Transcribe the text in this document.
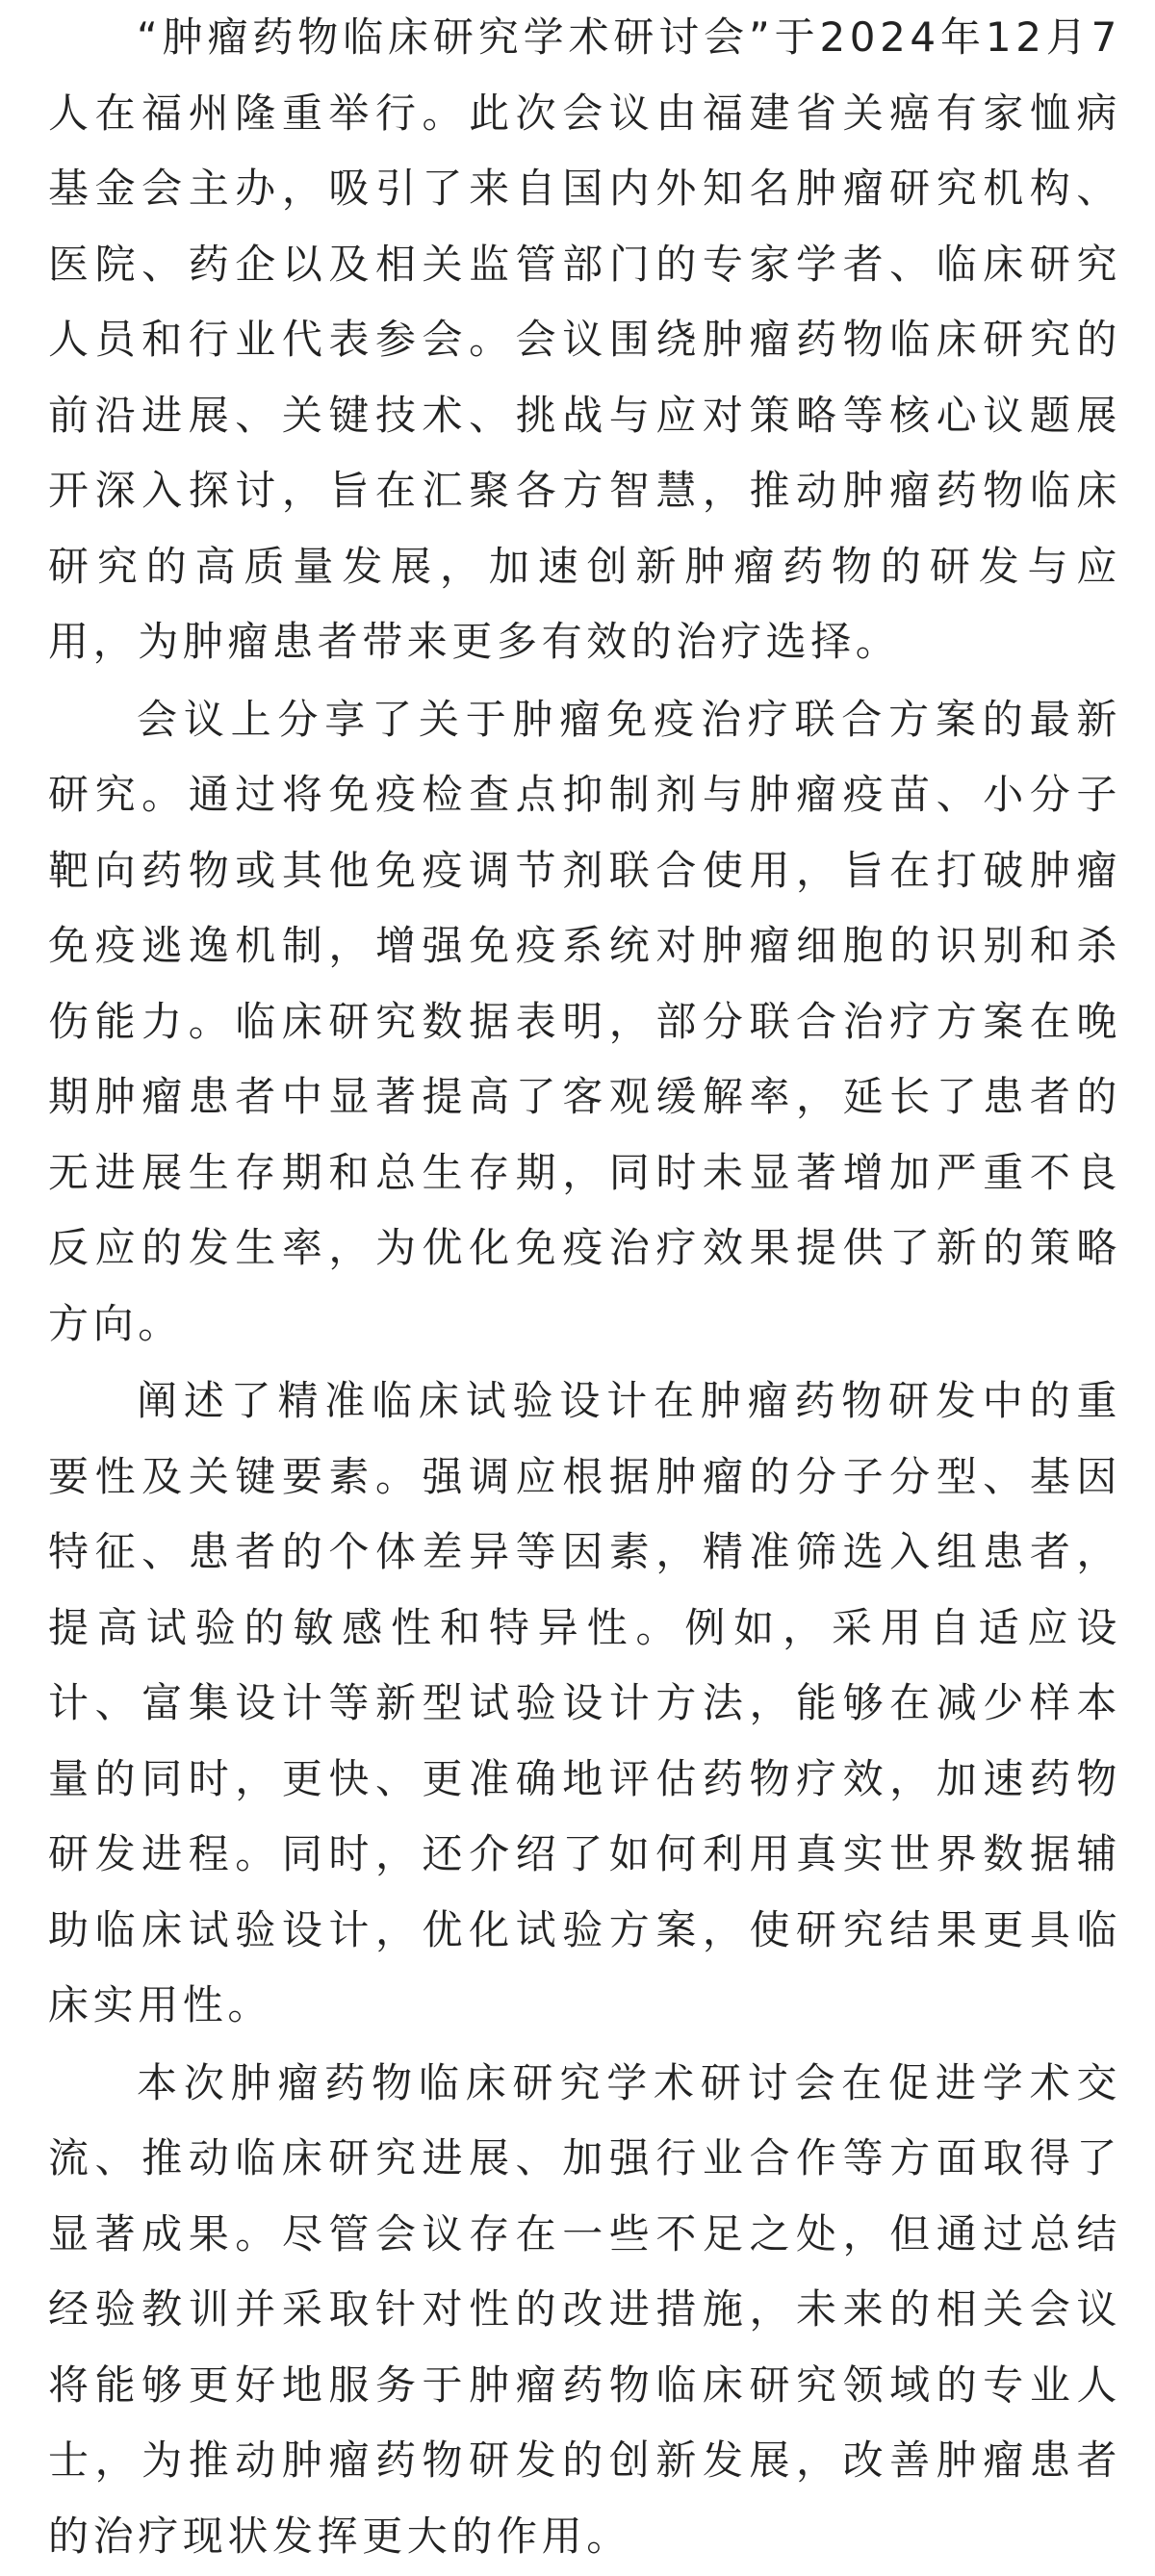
“肿瘤药物临床研究学术研讨会”于2024年12月7人在福州隆重举行。此次会议由福建省关癌有家恤病基金会主办，吸引了来自国内外知名肿瘤研究机构、医院、药企以及相关监管部门的专家学者、临床研究人员和行业代表参会。会议围绕肿瘤药物临床研究的前沿进展、关键技术、挑战与应对策略等核心议题展开深入探讨，旨在汇聚各方智慧，推动肿瘤药物临床研究的高质量发展，加速创新肿瘤药物的研发与应用，为肿瘤患者带来更多有效的治疗选择。

会议上分享了关于肿瘤免疫治疗联合方案的最新研究。通过将免疫检查点抑制剂与肿瘤疫苗、小分子靶向药物或其他免疫调节剂联合使用，旨在打破肿瘤免疫逃逸机制，增强免疫系统对肿瘤细胞的识别和杀伤能力。临床研究数据表明，部分联合治疗方案在晚期肿瘤患者中显著提高了客观缓解率，延长了患者的无进展生存期和总生存期，同时未显著增加严重不良反应的发生率，为优化免疫治疗效果提供了新的策略方向。

阐述了精准临床试验设计在肿瘤药物研发中的重要性及关键要素。强调应根据肿瘤的分子分型、基因特征、患者的个体差异等因素，精准筛选入组患者，提高试验的敏感性和特异性。例如，采用自适应设计、富集设计等新型试验设计方法，能够在减少样本量的同时，更快、更准确地评估药物疗效，加速药物研发进程。同时，还介绍了如何利用真实世界数据辅助临床试验设计，优化试验方案，使研究结果更具临床实用性。

本次肿瘤药物临床研究学术研讨会在促进学术交流、推动临床研究进展、加强行业合作等方面取得了显著成果。尽管会议存在一些不足之处，但通过总结经验教训并采取针对性的改进措施，未来的相关会议将能够更好地服务于肿瘤药物临床研究领域的专业人士，为推动肿瘤药物研发的创新发展，改善肿瘤患者的治疗现状发挥更大的作用。
